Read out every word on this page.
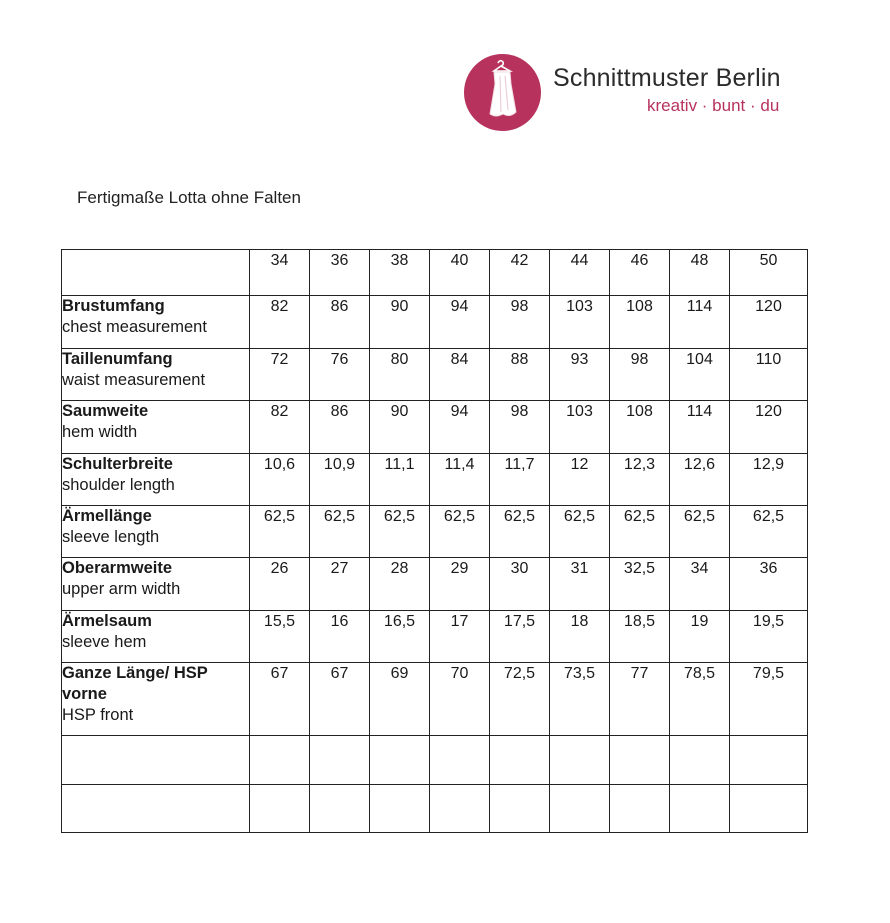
Schnittmuster Berlin
kreativ · bunt · du
Fertigmaße Lotta ohne Falten
	34	36	38	40	42	44	46	48	50

Brustumfang
chest measurement	82	86	90	94	98	103	108	114	120

Taillenumfang
waist measurement	72	76	80	84	88	93	98	104	110

Saumweite
hem width	82	86	90	94	98	103	108	114	120

Schulterbreite
shoulder length	10,6	10,9	11,1	11,4	11,7	12	12,3	12,6	12,9

Ärmellänge
sleeve length	62,5	62,5	62,5	62,5	62,5	62,5	62,5	62,5	62,5

Oberarmweite
upper arm width	26	27	28	29	30	31	32,5	34	36

Ärmelsaum
sleeve hem	15,5	16	16,5	17	17,5	18	18,5	19	19,5

Ganze Länge/ HSP vorne
HSP front	67	67	69	70	72,5	73,5	77	78,5	79,5
